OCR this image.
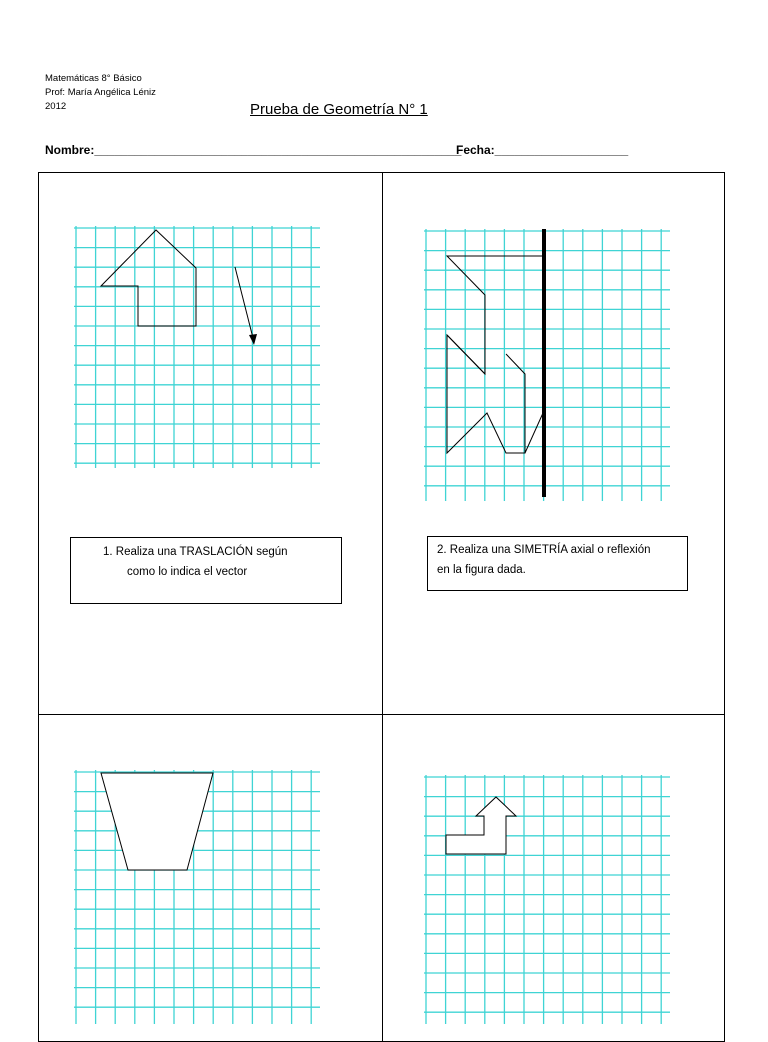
Matemáticas 8° Básico
Prof: María Angélica Léniz
2012	Prueba de Geometría N° 1
Nombre:_______________________________________________________
Fecha:____________________
1. Realiza una TRASLACIÓN según
como lo indica el vector
2. Realiza una SIMETRÍA axial o reflexión
en la figura dada.
